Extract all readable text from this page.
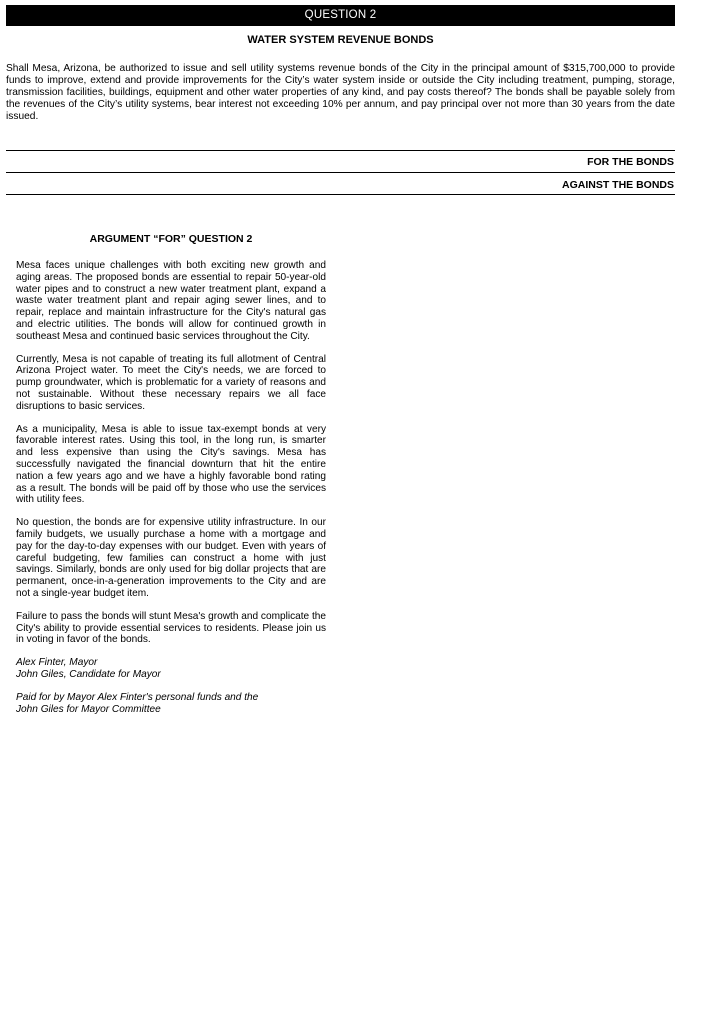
QUESTION 2
WATER SYSTEM REVENUE BONDS
Shall Mesa, Arizona, be authorized to issue and sell utility systems revenue bonds of the City in the principal amount of $315,700,000 to provide funds to improve, extend and provide improvements for the City’s water system inside or outside the City including treatment, pumping, storage, transmission facilities, buildings, equipment and other water properties of any kind, and pay costs thereof? The bonds shall be payable solely from the revenues of the City’s utility systems, bear interest not exceeding 10% per annum, and pay principal over not more than 30 years from the date issued.
FOR THE BONDS
AGAINST THE BONDS
ARGUMENT “FOR” QUESTION 2

Mesa faces unique challenges with both exciting new growth and aging areas. The proposed bonds are essential to repair 50-year-old water pipes and to construct a new water treatment plant, expand a waste water treatment plant and repair aging sewer lines, and to repair, replace and maintain infrastructure for the City's natural gas and electric utilities. The bonds will allow for continued growth in southeast Mesa and continued basic services throughout the City.

Currently, Mesa is not capable of treating its full allotment of Central Arizona Project water. To meet the City's needs, we are forced to pump groundwater, which is problematic for a variety of reasons and not sustainable. Without these necessary repairs we all face disruptions to basic services.

As a municipality, Mesa is able to issue tax-exempt bonds at very favorable interest rates. Using this tool, in the long run, is smarter and less expensive than using the City's savings. Mesa has successfully navigated the financial downturn that hit the entire nation a few years ago and we have a highly favorable bond rating as a result. The bonds will be paid off by those who use the services with utility fees.

No question, the bonds are for expensive utility infrastructure. In our family budgets, we usually purchase a home with a mortgage and pay for the day-to-day expenses with our budget. Even with years of careful budgeting, few families can construct a home with just savings. Similarly, bonds are only used for big dollar projects that are permanent, once-in-a-generation improvements to the City and are not a single-year budget item.

Failure to pass the bonds will stunt Mesa's growth and complicate the City's ability to provide essential services to residents. Please join us in voting in favor of the bonds.

Alex Finter, Mayor
John Giles, Candidate for Mayor

Paid for by Mayor Alex Finter's personal funds and the
John Giles for Mayor Committee
